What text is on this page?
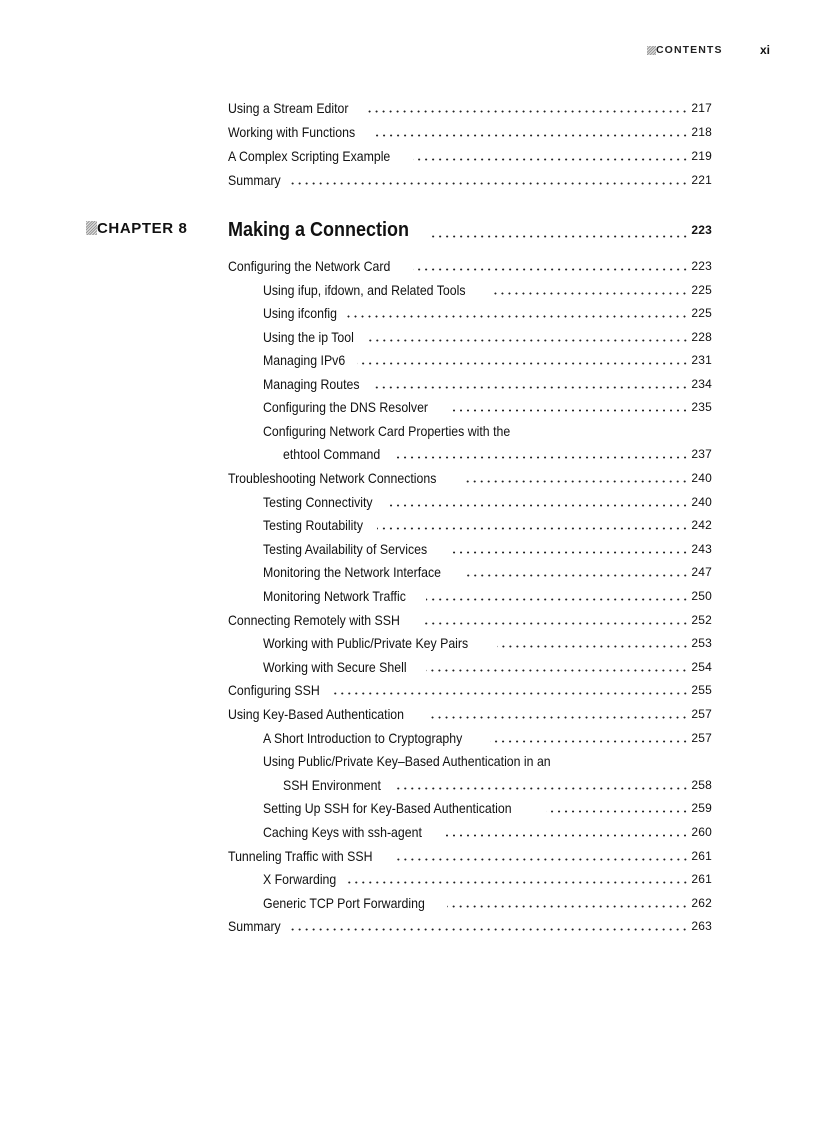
CONTENTS	xi
CHAPTER 8
Using a Stream Editor	217
Working with Functions	218
A Complex Scripting Example	219
Summary	221
Making a Connection	223
Configuring the Network Card	223
Using ifup, ifdown, and Related Tools	225
Using ifconfig	225
Using the ip Tool	228
Managing IPv6	231
Managing Routes	234
Configuring the DNS Resolver	235
Configuring Network Card Properties with the
ethtool Command	237
Troubleshooting Network Connections	240
Testing Connectivity	240
Testing Routability	242
Testing Availability of Services	243
Monitoring the Network Interface	247
Monitoring Network Traffic	250
Connecting Remotely with SSH	252
Working with Public/Private Key Pairs	253
Working with Secure Shell	254
Configuring SSH	255
Using Key-Based Authentication	257
A Short Introduction to Cryptography	257
Using Public/Private Key–Based Authentication in an
SSH Environment	258
Setting Up SSH for Key-Based Authentication	259
Caching Keys with ssh-agent	260
Tunneling Traffic with SSH	261
X Forwarding	261
Generic TCP Port Forwarding	262
Summary	263
